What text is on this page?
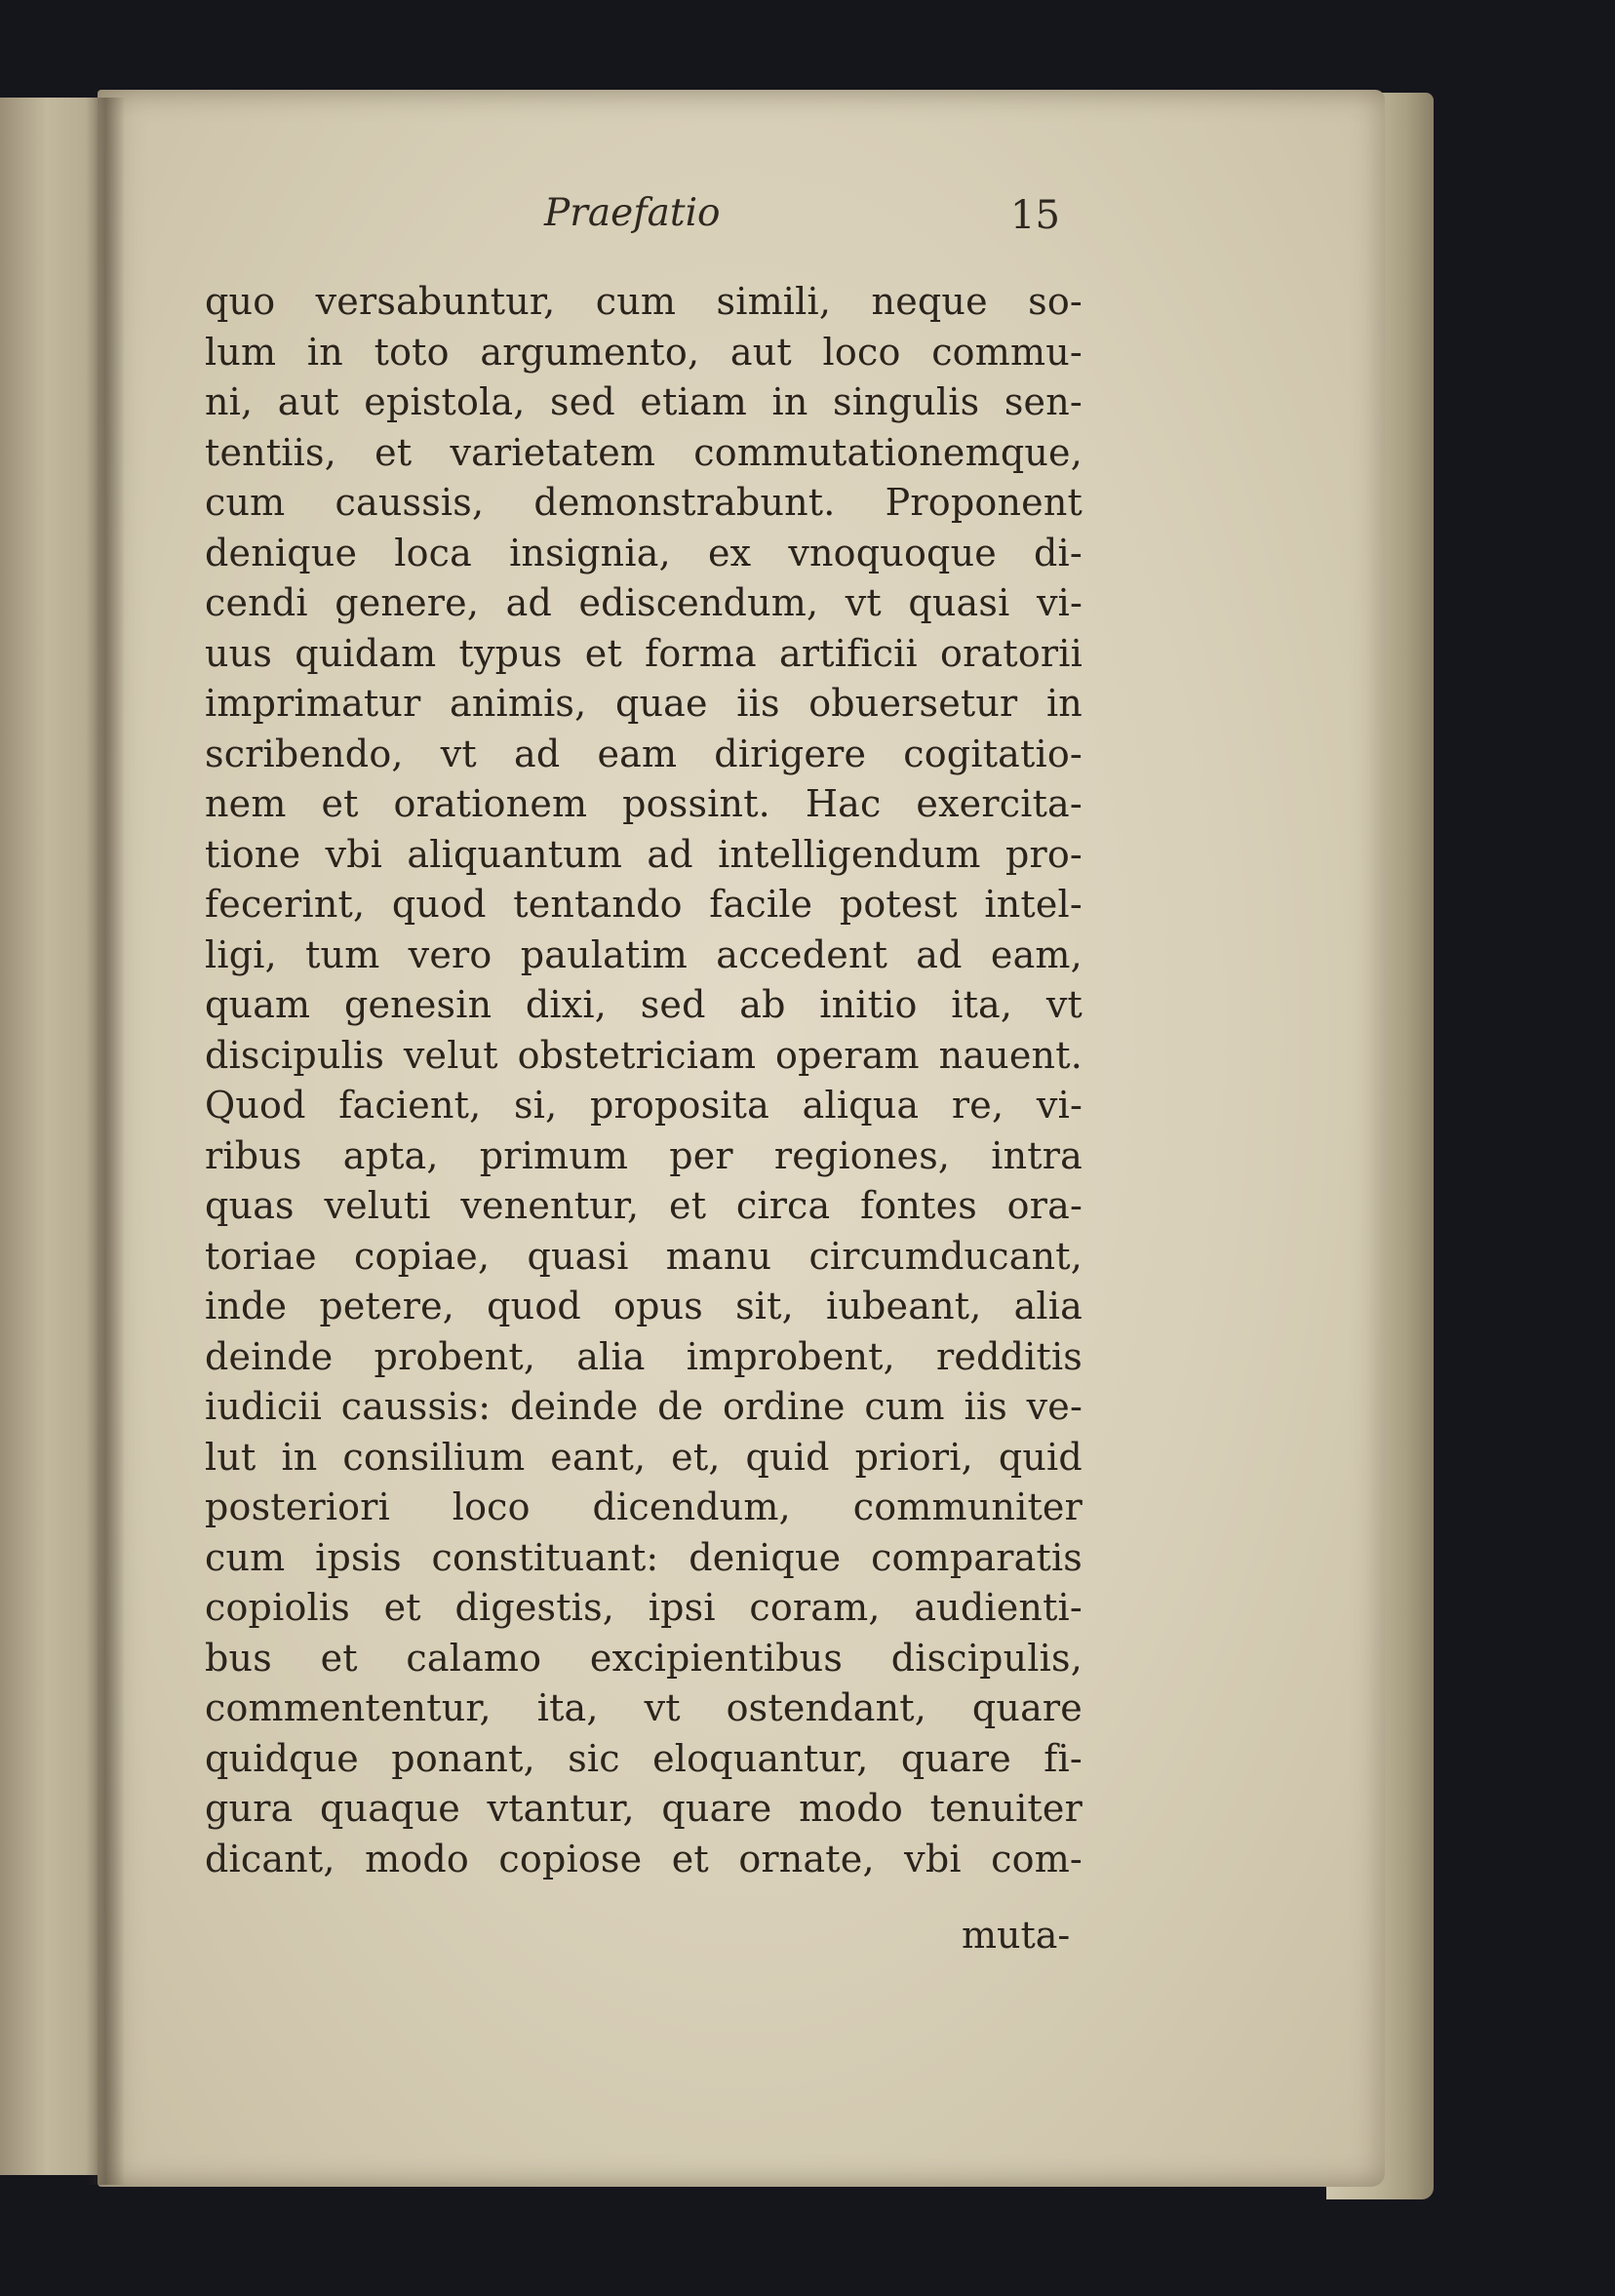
Praefatio	15
quo versabuntur, cum simili, neque so-
lum in toto argumento, aut loco commu-
ni, aut epistola, sed etiam in singulis sen-
tentiis, et varietatem commutationemque,
cum caussis, demonstrabunt. Proponent
denique loca insignia, ex vnoquoque di-
cendi genere, ad ediscendum, vt quasi vi-
uus quidam typus et forma artificii oratorii
imprimatur animis, quae iis obuersetur in
scribendo, vt ad eam dirigere cogitatio-
nem et orationem possint. Hac exercita-
tione vbi aliquantum ad intelligendum pro-
fecerint, quod tentando facile potest intel-
ligi, tum vero paulatim accedent ad eam,
quam genesin dixi, sed ab initio ita, vt
discipulis velut obstetriciam operam nauent.
Quod facient, si, proposita aliqua re, vi-
ribus apta, primum per regiones, intra
quas veluti venentur, et circa fontes ora-
toriae copiae, quasi manu circumducant,
inde petere, quod opus sit, iubeant, alia
deinde probent, alia improbent, redditis
iudicii caussis: deinde de ordine cum iis ve-
lut in consilium eant, et, quid priori, quid
posteriori loco dicendum, communiter
cum ipsis constituant: denique comparatis
copiolis et digestis, ipsi coram, audienti-
bus et calamo excipientibus discipulis,
commententur, ita, vt ostendant, quare
quidque ponant, sic eloquantur, quare fi-
gura quaque vtantur, quare modo tenuiter
dicant, modo copiose et ornate, vbi com-
muta-
